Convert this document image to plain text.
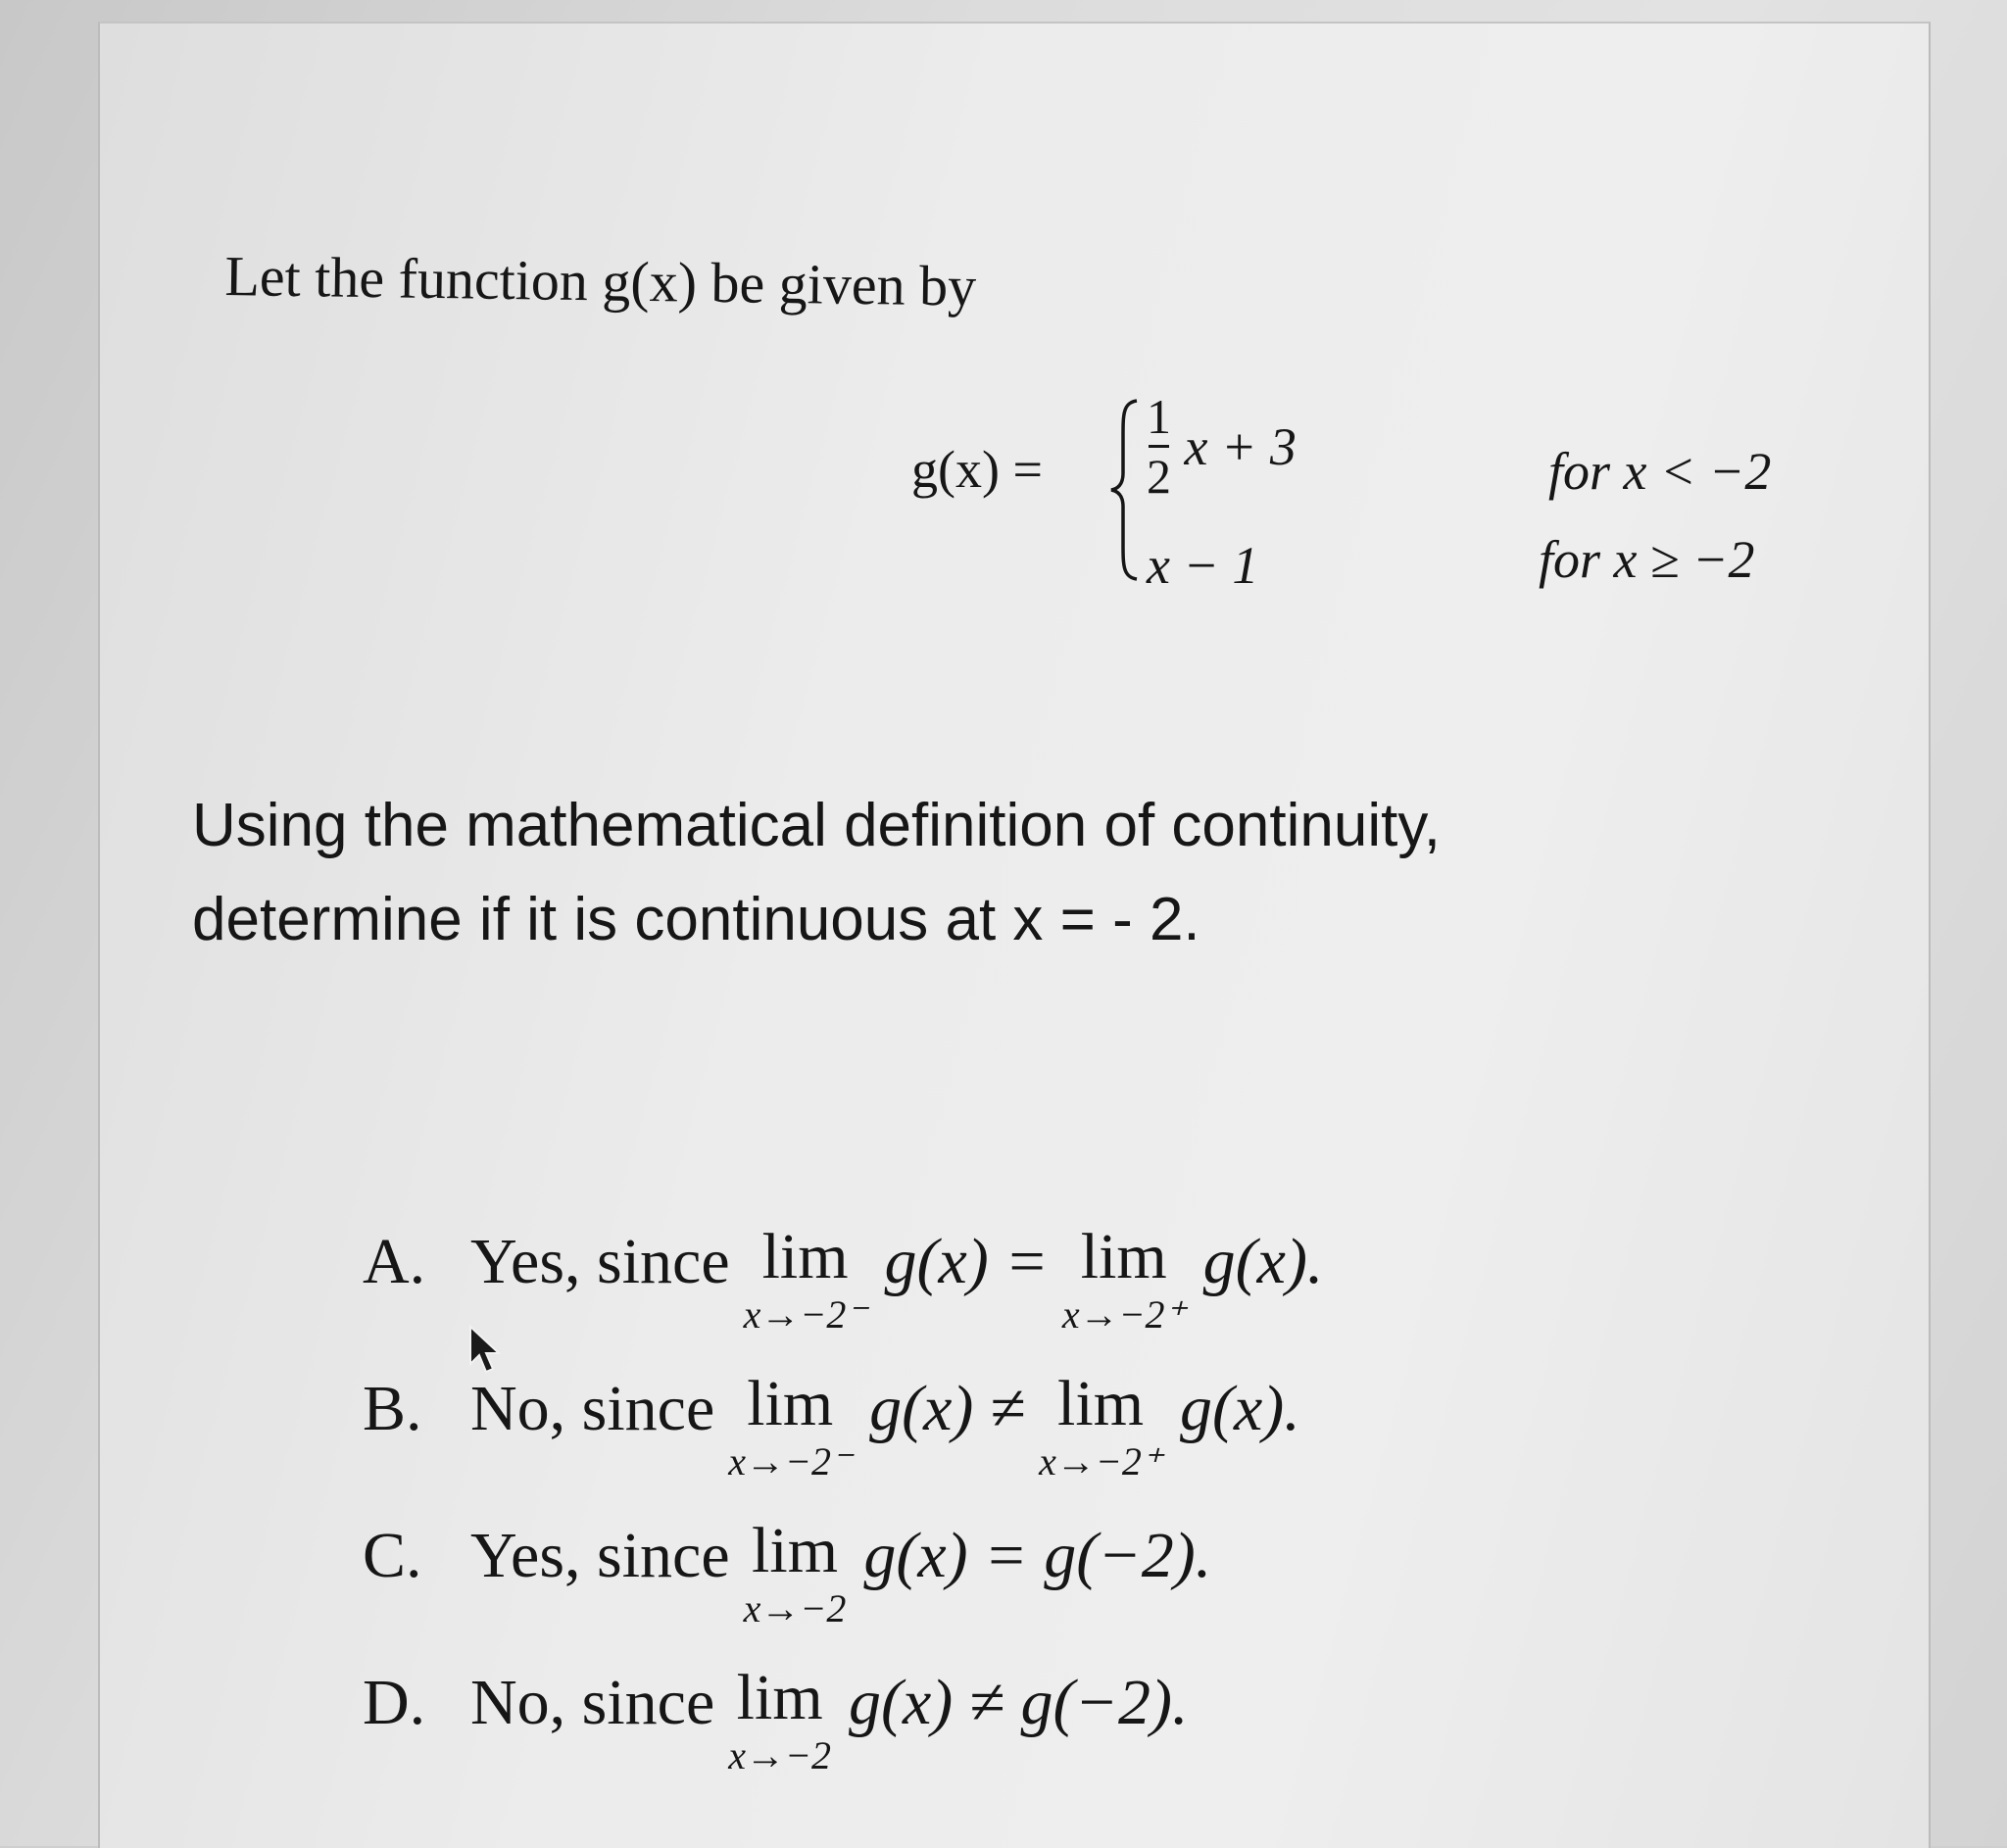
Let the function g(x) be given by
$g(x) = \frac{1}{2}$ x + 3	for x < −2
x − 1	for x ≥ −2
Using the mathematical definition of continuity,
determine if it is continuous at x = - 2.
A. Yes, since lim
x→−2⁻
g(x) = lim
x→−2⁺
g(x).
B. No, since lim
x→−2⁻
g(x) ≠ lim
x→−2⁺
g(x).
C. Yes, since lim
x→−2
g(x) = g(−2).
D. No, since lim
x→−2
g(x) ≠ g(−2).
